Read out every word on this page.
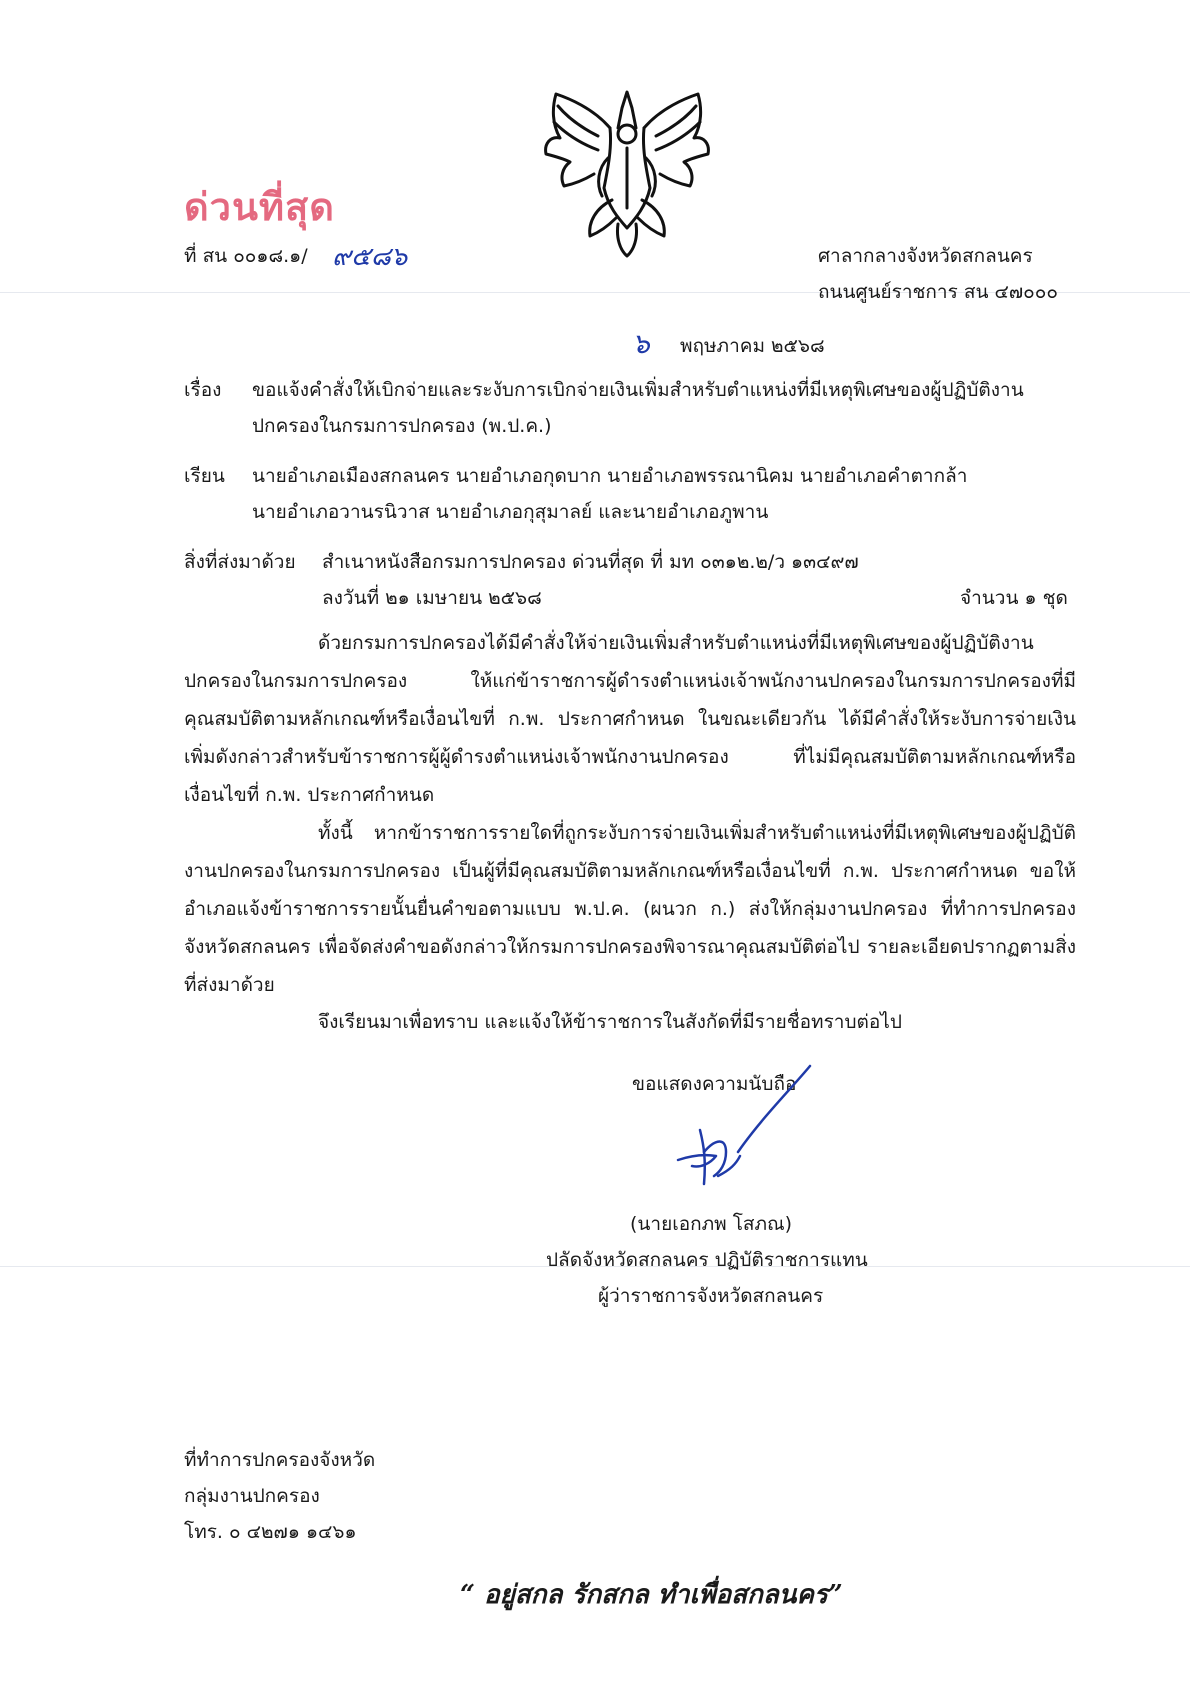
ด่วนที่สุด
ที่ สน ๐๐๑๘.๑/ ๙๕๘๖	ศาลากลางจังหวัดสกลนคร
ถนนศูนย์ราชการ สน ๔๗๐๐๐
๖ พฤษภาคม ๒๕๖๘
เรื่อง ขอแจ้งคำสั่งให้เบิกจ่ายและระงับการเบิกจ่ายเงินเพิ่มสำหรับตำแหน่งที่มีเหตุพิเศษของผู้ปฏิบัติงาน
ปกครองในกรมการปกครอง (พ.ป.ค.)
เรียน นายอำเภอเมืองสกลนคร นายอำเภอกุดบาก นายอำเภอพรรณานิคม นายอำเภอคำตากล้า
นายอำเภอวานรนิวาส นายอำเภอกุสุมาลย์ และนายอำเภอภูพาน
สิ่งที่ส่งมาด้วย สำเนาหนังสือกรมการปกครอง ด่วนที่สุด ที่ มท ๐๓๑๒.๒/ว ๑๓๔๙๗
ลงวันที่ ๒๑ เมษายน ๒๕๖๘	จำนวน ๑ ชุด
ด้วยกรมการปกครองได้มีคำสั่งให้จ่ายเงินเพิ่มสำหรับตำแหน่งที่มีเหตุพิเศษของผู้ปฏิบัติงานปกครองในกรมการปกครอง ให้แก่ข้าราชการผู้ดำรงตำแหน่งเจ้าพนักงานปกครองในกรมการปกครองที่มีคุณสมบัติตามหลักเกณฑ์หรือเงื่อนไขที่ ก.พ. ประกาศกำหนด ในขณะเดียวกัน ได้มีคำสั่งให้ระงับการจ่ายเงินเพิ่มดังกล่าวสำหรับข้าราชการผู้ผู้ดำรงตำแหน่งเจ้าพนักงานปกครอง ที่ไม่มีคุณสมบัติตามหลักเกณฑ์หรือเงื่อนไขที่ ก.พ. ประกาศกำหนด
ทั้งนี้ หากข้าราชการรายใดที่ถูกระงับการจ่ายเงินเพิ่มสำหรับตำแหน่งที่มีเหตุพิเศษของผู้ปฏิบัติงานปกครองในกรมการปกครอง เป็นผู้ที่มีคุณสมบัติตามหลักเกณฑ์หรือเงื่อนไขที่ ก.พ. ประกาศกำหนด ขอให้อำเภอแจ้งข้าราชการรายนั้นยื่นคำขอตามแบบ พ.ป.ค. (ผนวก ก.) ส่งให้กลุ่มงานปกครอง ที่ทำการปกครองจังหวัดสกลนคร เพื่อจัดส่งคำขอดังกล่าวให้กรมการปกครองพิจารณาคุณสมบัติต่อไป รายละเอียดปรากฏตามสิ่งที่ส่งมาด้วย
จึงเรียนมาเพื่อทราบ และแจ้งให้ข้าราชการในสังกัดที่มีรายชื่อทราบต่อไป
ขอแสดงความนับถือ
(นายเอกภพ โสภณ)
ปลัดจังหวัดสกลนคร ปฏิบัติราชการแทน
ผู้ว่าราชการจังหวัดสกลนคร
ที่ทำการปกครองจังหวัด
กลุ่มงานปกครอง
โทร. ๐ ๔๒๗๑ ๑๔๖๑
“ อยู่สกล รักสกล ทำเพื่อสกลนคร”
